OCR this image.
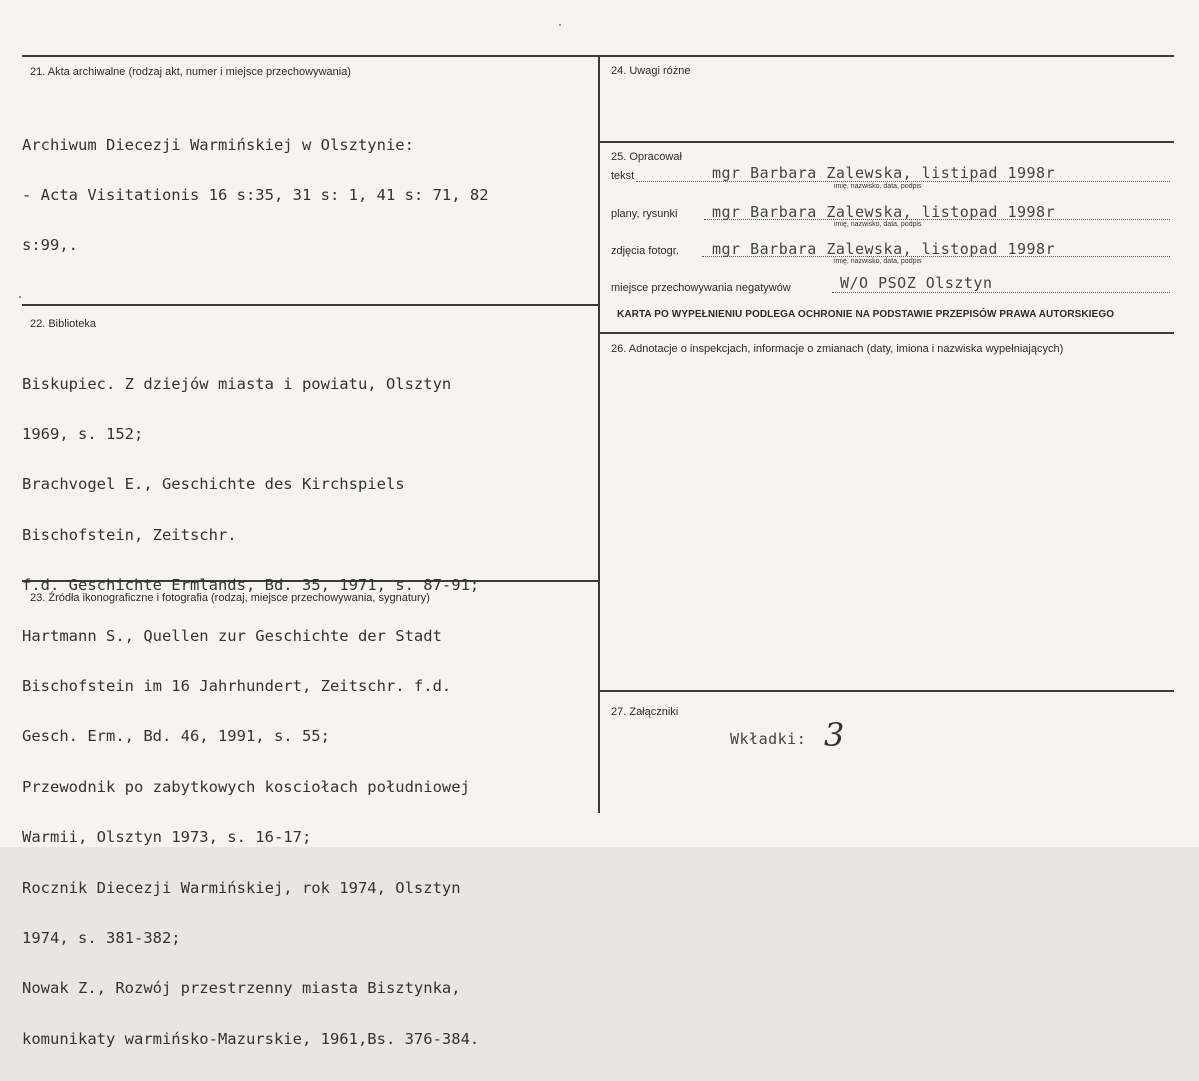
21. Akta archiwalne (rodzaj akt, numer i miejsce przechowywania)

Archiwum Diecezji Warmińskiej w Olsztynie:

- Acta Visitationis 16 s:35, 31 s: 1, 41 s: 71, 82

s:99,.

22. Biblioteka

Biskupiec. Z dziejów miasta i powiatu, Olsztyn

1969, s. 152;

Brachvogel E., Geschichte des Kirchspiels

Bischofstein, Zeitschr.

f.d. Geschichte Ermlands, Bd. 35, 1971, s. 87-91;

Hartmann S., Quellen zur Geschichte der Stadt

Bischofstein im 16 Jahrhundert, Zeitschr. f.d.

Gesch. Erm., Bd. 46, 1991, s. 55;

Przewodnik po zabytkowych kosciołach południowej

Warmii, Olsztyn 1973, s. 16-17;

Rocznik Diecezji Warmińskiej, rok 1974, Olsztyn

1974, s. 381-382;

Nowak Z., Rozwój przestrzenny miasta Bisztynka,

komunikaty warmińsko-Mazurskie, 1961,Bs. 376-384.

23. Źródła ikonograficzne i fotografia (rodzaj, miejsce przechowywania, sygnatury)
24. Uwagi różne
25. Opracował
tekst	mgr Barbara Zalewska, listipad 1998r
imię, nazwisko, data, podpis
plany, rysunki mgr Barbara Zalewska, listopad 1998r
imię, nazwisko, data, podpis
zdjęcia fotogr. mgr Barbara Zalewska, listopad 1998r
imię, nazwisko, data, podpis
miejsce przechowywania negatywów	W/O PSOZ Olsztyn
KARTA PO WYPEŁNIENIU PODLEGA OCHRONIE NA PODSTAWIE PRZEPISÓW PRAWA AUTORSKIEGO
26. Adnotacje o inspekcjach, informacje o zmianach (daty, imiona i nazwiska wypełniających)
27. Załączniki
Wkładki: 3
